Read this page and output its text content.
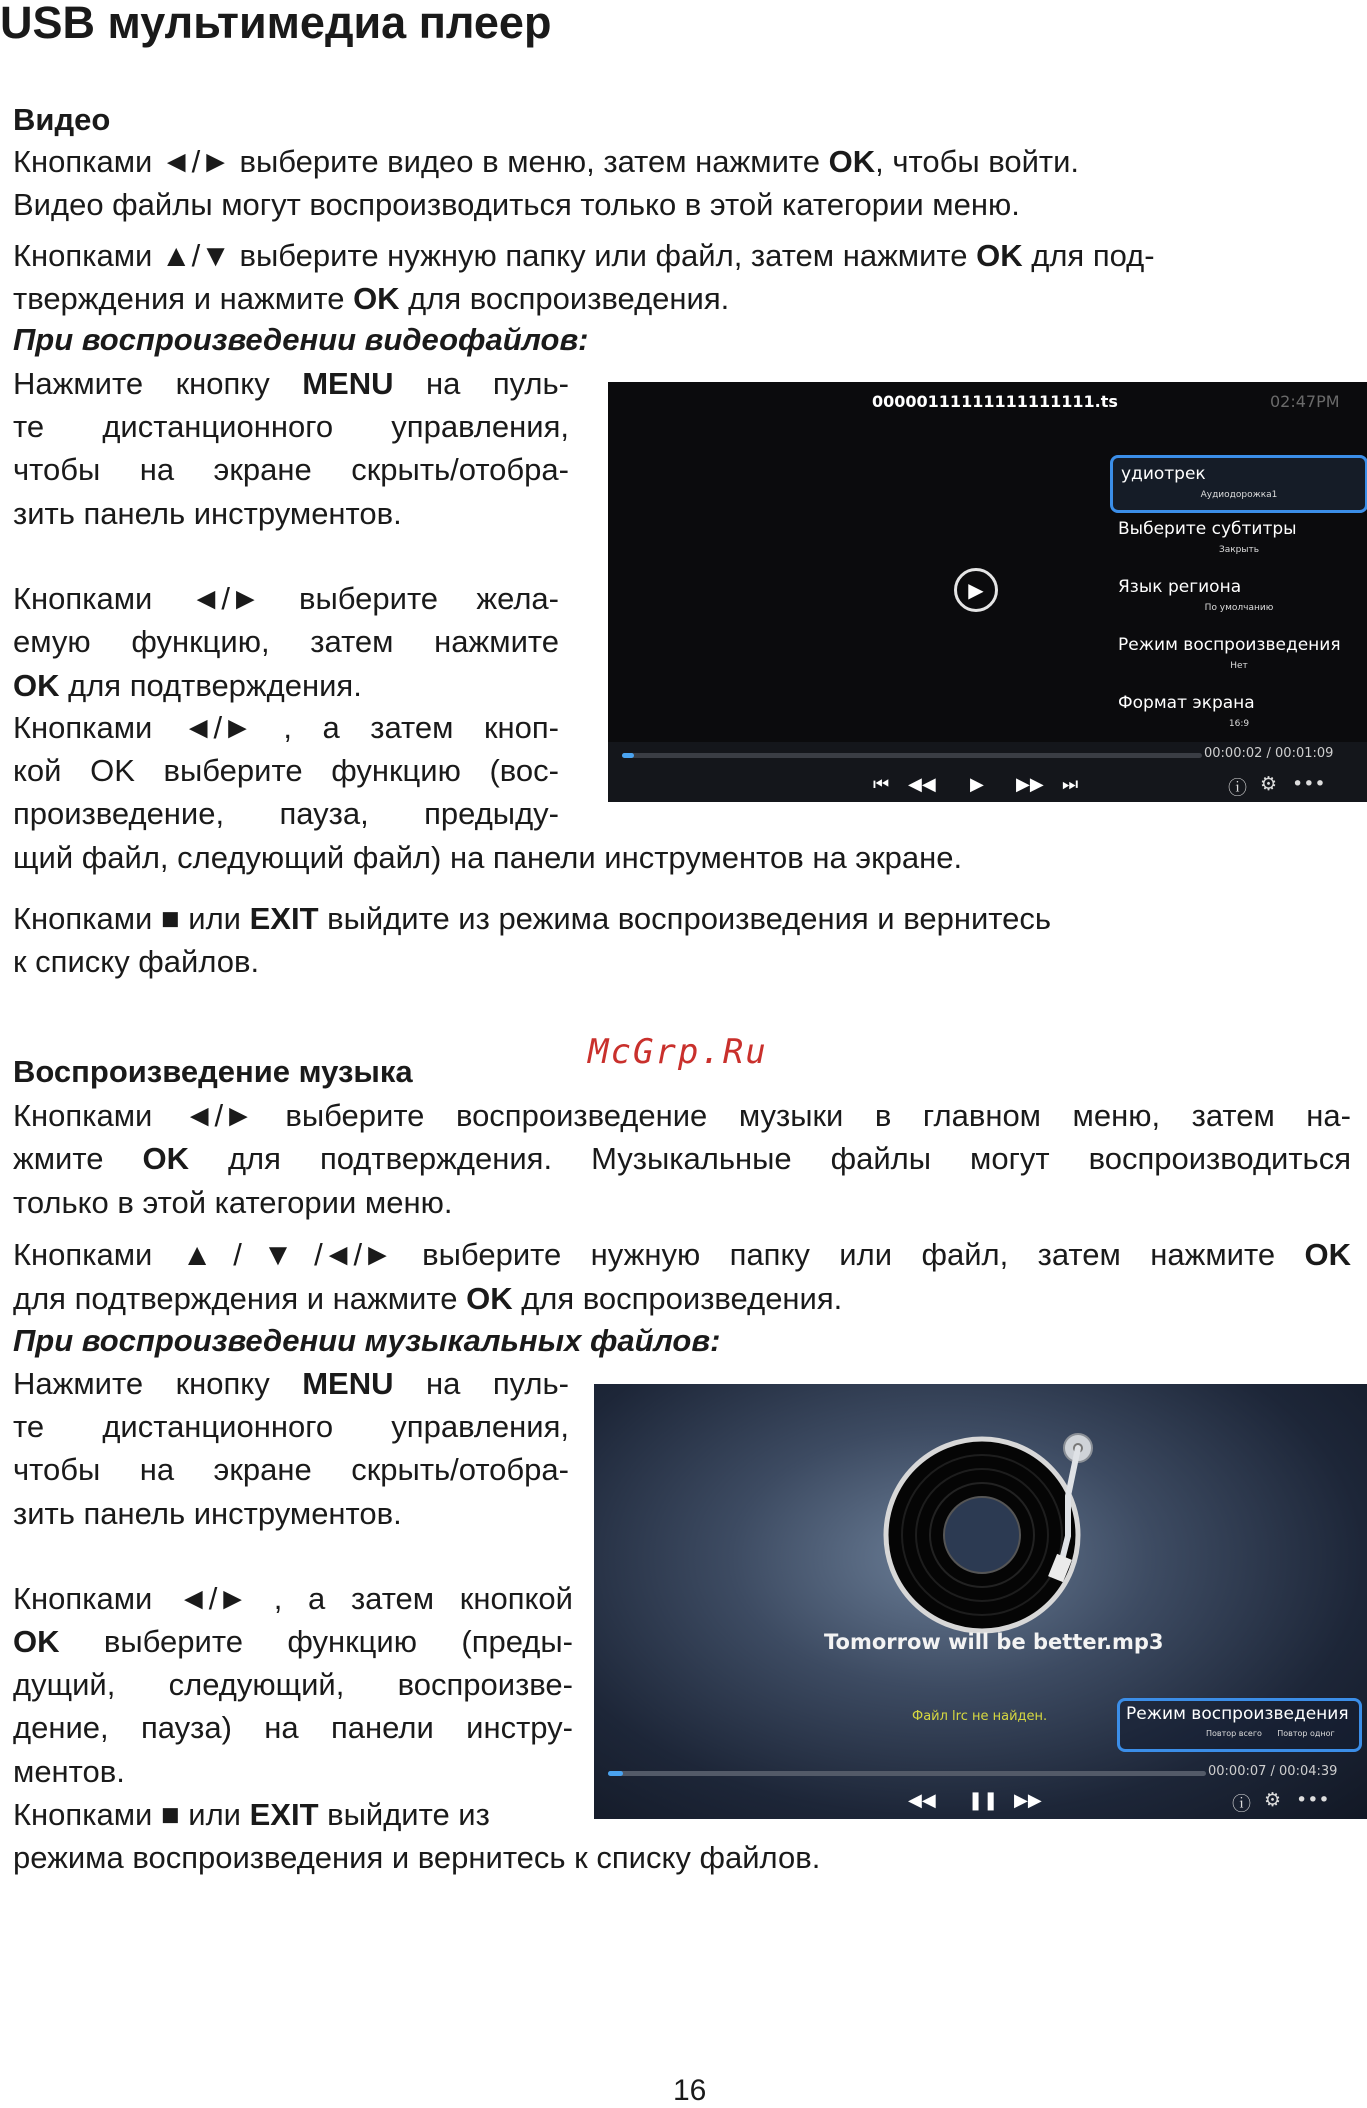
USB мультимедиа плеер
Видео
Кнопками ◄/► выберите видео в меню, затем нажмите OK, чтобы войти.
Видео файлы могут воспроизводиться только в этой категории меню.
Кнопками ▲/▼ выберите нужную папку или файл, затем нажмите OK для под-
тверждения и нажмите OK для воспроизведения.
При воспроизведении видеофайлов:
Нажмите кнопку MENU на пуль-
те дистанционного управления,
чтобы на экране скрыть/отобра-
зить панель инструментов.
Кнопками ◄/► выберите жела-
емую функцию, затем нажмите
OK для подтверждения.
Кнопками ◄/► , а затем кноп-
кой OK выберите функцию (вос-
произведение, пауза, предыду-
щий файл, следующий файл) на панели инструментов на экране.
Кнопками ■ или EXIT выйдите из режима воспроизведения и вернитесь
к списку файлов.
00000111111111111111.ts	02:47PM
▶
удиотрек
Аудиодорожка1
Выберите субтитры
Закрыть
Язык региона
По умолчанию
Режим воспроизведения
Нет
Формат экрана
16:9
00:00:02 / 00:01:09
⏮ ◀◀ ▶ ▶▶ ⏭	ⓘ ⚙ •••
McGrp.Ru
Воспроизведение музыка
Кнопками ◄/► выберите воспроизведение музыки в главном меню, затем на-
жмите OK для подтверждения. Музыкальные файлы могут воспроизводиться
только в этой категории меню.
Кнопками ▲/▼/◄/► выберите нужную папку или файл, затем нажмите OK
для подтверждения и нажмите OK для воспроизведения.
При воспроизведении музыкальных файлов:
Нажмите кнопку MENU на пуль-
те дистанционного управления,
чтобы на экране скрыть/отобра-
зить панель инструментов.
Кнопками ◄/► , а затем кнопкой
OK выберите функцию (преды-
дущий, следующий, воспроизве-
дение, пауза) на панели инстру-
ментов.
Кнопками ■ или EXIT выйдите из
режима воспроизведения и вернитесь к списку файлов.
Tomorrow will be better.mp3
Файл lrc не найден.	Режим воспроизведения
Повтор всего Повтор одног
00:00:07 / 00:04:39
◀◀ ❚❚ ▶▶	ⓘ ⚙ •••
16
